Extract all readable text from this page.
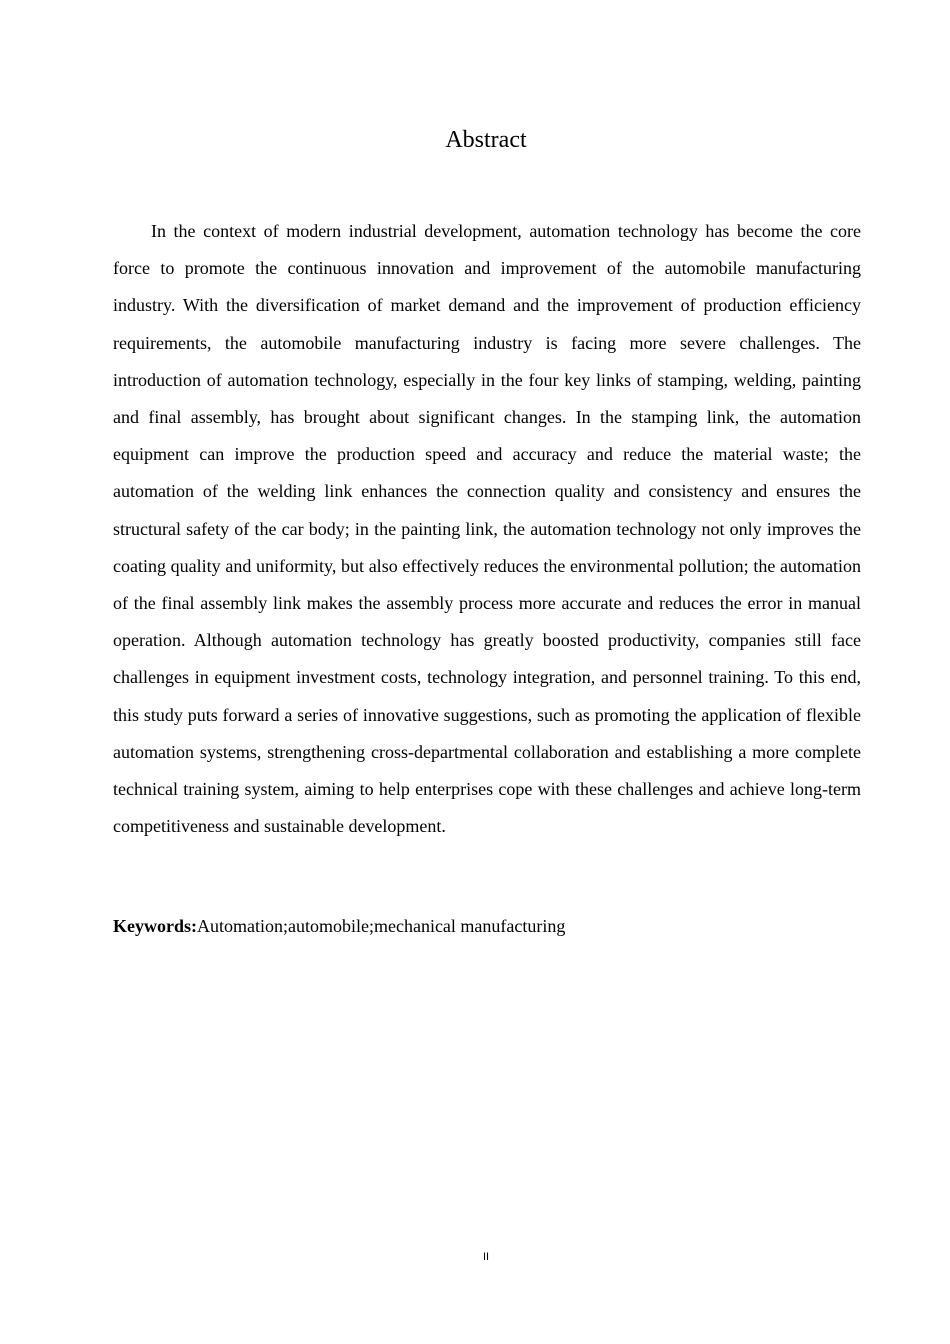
Abstract

In the context of modern industrial development, automation technology has become the core force to promote the continuous innovation and improvement of the automobile manufacturing industry. With the diversification of market demand and the improvement of production efficiency requirements, the automobile manufacturing industry is facing more severe challenges. The introduction of automation technology, especially in the four key links of stamping, welding, painting and final assembly, has brought about significant changes. In the stamping link, the automation equipment can improve the production speed and accuracy and reduce the material waste; the automation of the welding link enhances the connection quality and consistency and ensures the structural safety of the car body; in the painting link, the automation technology not only improves the coating quality and uniformity, but also effectively reduces the environmental pollution; the automation of the final assembly link makes the assembly process more accurate and reduces the error in manual operation. Although automation technology has greatly boosted productivity, companies still face challenges in equipment investment costs, technology integration, and personnel training. To this end, this study puts forward a series of innovative suggestions, such as promoting the application of flexible automation systems, strengthening cross-departmental collaboration and establishing a more complete technical training system, aiming to help enterprises cope with these challenges and achieve long-term competitiveness and sustainable development.

Keywords:Automation;automobile;mechanical manufacturing
II
